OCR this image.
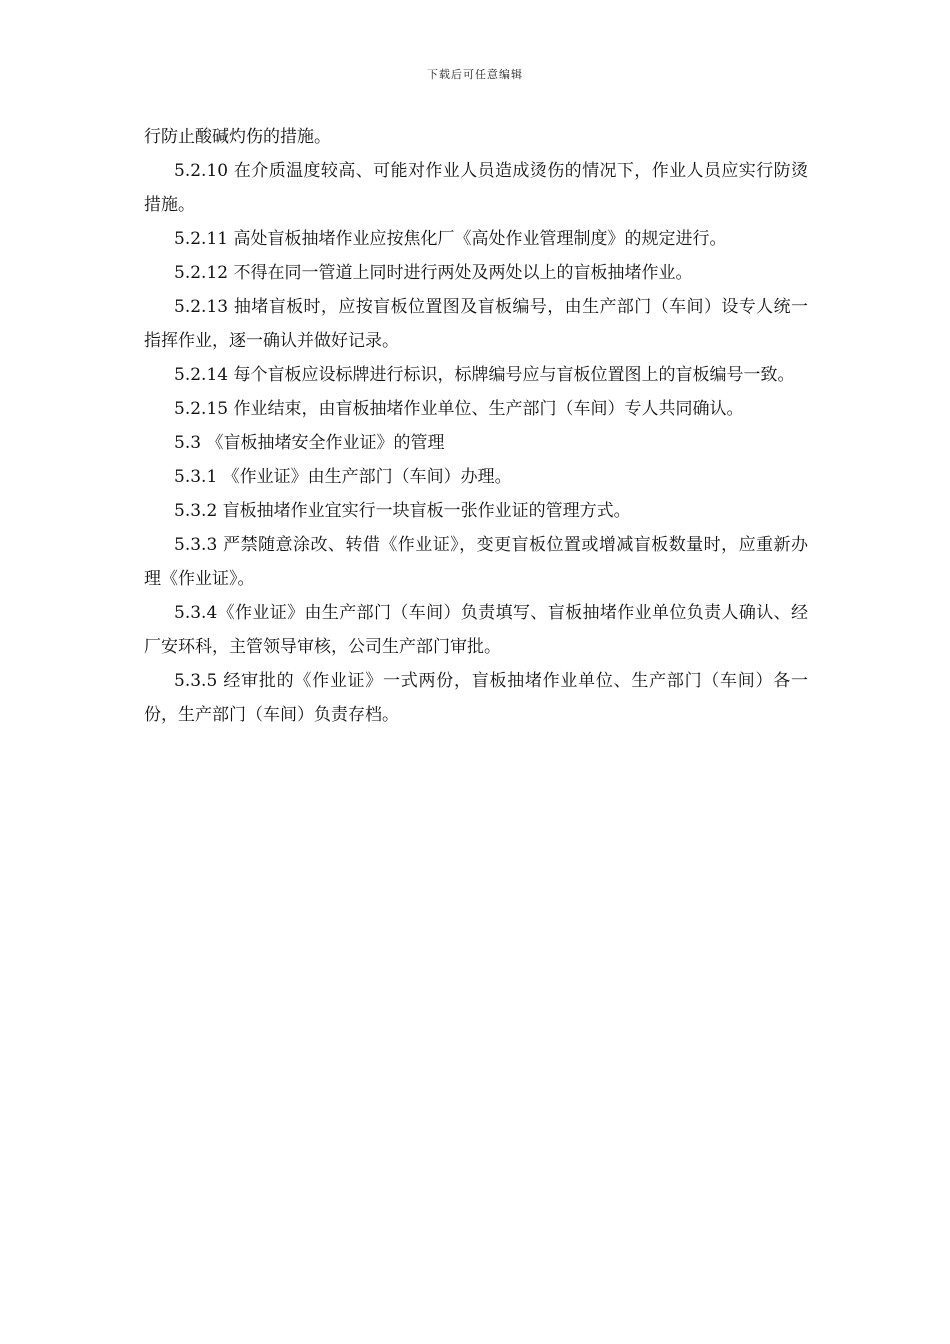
下载后可任意编辑

行防止酸碱灼伤的措施。

5.2.10 在介质温度较高、可能对作业人员造成烫伤的情况下，作业人员应实行防烫措施。

5.2.11 高处盲板抽堵作业应按焦化厂《高处作业管理制度》的规定进行。

5.2.12 不得在同一管道上同时进行两处及两处以上的盲板抽堵作业。

5.2.13 抽堵盲板时，应按盲板位置图及盲板编号，由生产部门（车间）设专人统一指挥作业，逐一确认并做好记录。

5.2.14 每个盲板应设标牌进行标识，标牌编号应与盲板位置图上的盲板编号一致。

5.2.15 作业结束，由盲板抽堵作业单位、生产部门（车间）专人共同确认。

5.3 《盲板抽堵安全作业证》的管理

5.3.1 《作业证》由生产部门（车间）办理。

5.3.2 盲板抽堵作业宜实行一块盲板一张作业证的管理方式。

5.3.3 严禁随意涂改、转借《作业证》，变更盲板位置或增减盲板数量时，应重新办理《作业证》。

5.3.4《作业证》由生产部门（车间）负责填写、盲板抽堵作业单位负责人确认、经厂安环科，主管领导审核，公司生产部门审批。

5.3.5 经审批的《作业证》一式两份，盲板抽堵作业单位、生产部门（车间）各一份，生产部门（车间）负责存档。
